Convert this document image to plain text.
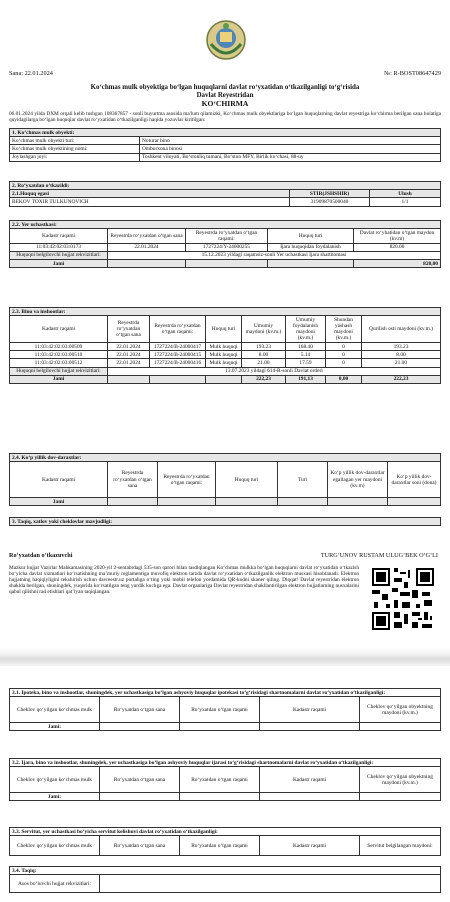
Sana: 22.01.2024	№: R-BOST08647429
Ko‘chmas mulk obyektiga bo‘lgan huquqlarni davlat ro‘yxatidan o‘tkazilganligi to‘g‘risida
Davlat Reyestridan
KO‘CHIRMA
06.01.2024 yilda DXM orqali kelib tushgan 108367857 - sonli buyurtma asosida ma'lum qilamizki, Ko‘chmas mulk obyektlariga bo‘lgan huquqlarning davlat reyestriga ko‘chirma berilgan sana holatiga quyidagilarga bo‘lgan huquqlar davlat ro‘yxatidan o‘tkazilganligi haqida yozuvlar kiritilgan:
1. Ko‘chmas mulk obyekti:	
Ko‘chmas mulk obyekti turi:	Noturar bino
Ko‘chmas mulk obyektining nomi:	Omborxona binosi
Joylashgan joyi:	Toshkent viloyati, Bo‘stonliq tumani, Bo‘ston MFY, Birlik ko‘chasi, 88-uy
2. Ro‘yxatdan o‘tkazildi:		
2.1.Huquq egasi	STIR(JSHSHIR)	Ulush
BEKOV TOXIR TULKUNOVICH	31909870500040	1/1
2.2. Yer uchastkasi:				
Kadastr raqami	Reyestrda ro‘yxatdan o‘tgan sana	Reyestrda ro‘yxatdan o‘tgan raqami:	Huquq turi	Davlat ro‘yhatidan o‘tgan maydon (kv.m)
11:03:42:02:03:0173	22.01.2024	1727224/Y-24000255	Ijara huquqidan foydalanish	820.00
Huquqni belgilovchi hujjat rekvizitlari:	15.12.2023 yildagi raqamsiz-sonli Yer uchastkasi Ijara shartnomasi			
Jami				820,00
2.3. Bino va inshootlar:							
Kadastr raqami	Reyestrda ro‘yxatdan o‘tgan sana	Reyestrda ro‘yxatdan o‘tgan raqami:	Huquq turi	Umumiy maydoni (kv.m.)	Umumiy foydalanish maydoni (kv.m.)	Shundan yashash maydoni (kv.m.)	Qurilish osti maydoni (kv.m.)
11:03:42:02:03:00509	22.01.2024	1727224/B-24000417	Mulk huquqi	193.23	168.40	0	193.23
11:03:42:02:03:00510	22.01.2024	1727224/B-24000415	Mulk huquqi	8.00	5.14	0	8.00
11:03:42:02:03:00512	22.01.2024	1727224/B-24000416	Mulk huquqi	21.00	17.59	0	21.00
Huquqni belgilovchi hujjat rekvizitlari:	13.07.2023 yildagi 614-R-sonli Davlat orderi						
Jami				222,23	191,13	0,00	222,23
2.4. Ko‘p yillik dov-daraxtlar:						
Kadastr raqami	Reyestrda ro‘yxatdan o‘tgan sana	Reyestrda ro‘yxatdan o‘tgan raqami:	Huquq turi	Turi	Ko‘p yillik dov-daraxtlar egallagan yer maydoni (kv.m)	Ko‘p yillik dov-daraxtlar soni (dona)
Jami						
3. Taqiq, xatlov yoki cheklovlar mavjudligi:
Ro‘yxatdan o‘tkazuvchi	TURG‘UNOV RUSTAM ULUG‘BEK O‘G‘LI
Mazkur hujjat Vazirlar Mahkamasining 2020-yil 2-sentabrdagi 535-son qarori bilan tasdiqlangan Ko‘chmas mulkka bo‘lgan huquqlarni davlat ro‘yxatidan o‘tkazish bo‘yicha davlat xizmatlari ko‘rsatishning ma’muriy reglamentiga muvofiq elektron tarzda davlat ro‘yxatidan o‘tkazilganlik elektron musxasi hisoblanadi. Elektron hujjatning haqiqiyligini tekshirish uchun davreestr.uz portaliga o‘ting yoki mobil telefon yordamida QR-kodni skaner qiling. Diqqat! Davlat reyestridan elektron shaklda berilgan, shuningdek, yuqorida ko‘rsatilgan teng yurdik kuchga ega. Davlat organlariga Davlat reyestridan shakllantirilgan elektron hujjatlarning nusxalarini qabul qilishni rad etishlari qat’iyan taqiqlangan.
3.1. Ipoteka, bino va inshootlar, shuningdek, yer uchastkasiga bo‘lgan ashyoviy huquqlar ipotekasi to‘g‘risidagi shartnomalarni davlat ro‘yxatidan o‘tkazilganligi:				
Cheklov qo‘yilgan ko‘chmas mulk	Ro‘yxatdan o‘tgan sana	Ro‘yxatdan o‘tgan raqami	Kadastr raqami	Cheklov qo‘yilgan obyektning maydoni (kv.m.)
Jami:				
3.2. Ijara, bino va inshootlar, shuningdek, yer uchastkasiga bo‘lgan ashyoviy huquqlar ijarasi to‘g‘risidagi shartnomalarni davlat ro‘yxatidan o‘tkazilganligi:				
Cheklov qo‘yilgan ko‘chmas mulk	Ro‘yxatdan o‘tgan sana	Ro‘yxatdan o‘tgan raqami	Kadastr raqami	Cheklov qo‘yilgan obyektning maydoni (kv.m.)
Jami:				
3.3. Servitut, yer uchastkasi bo‘yicha servitut kelishuvi davlat ro‘yxatidan o‘tkazilganligi:
Cheklov qo‘yilgan ko‘chmas mulk	Ro‘yxatdan o‘tgan sana	Ro‘yxatdan o‘tgan raqami	Kadastr raqami	Servitut belgilangan maydoni:
3.4. Taqiq:
Asos bo‘luvchi hujjat rekvizitlari:	
